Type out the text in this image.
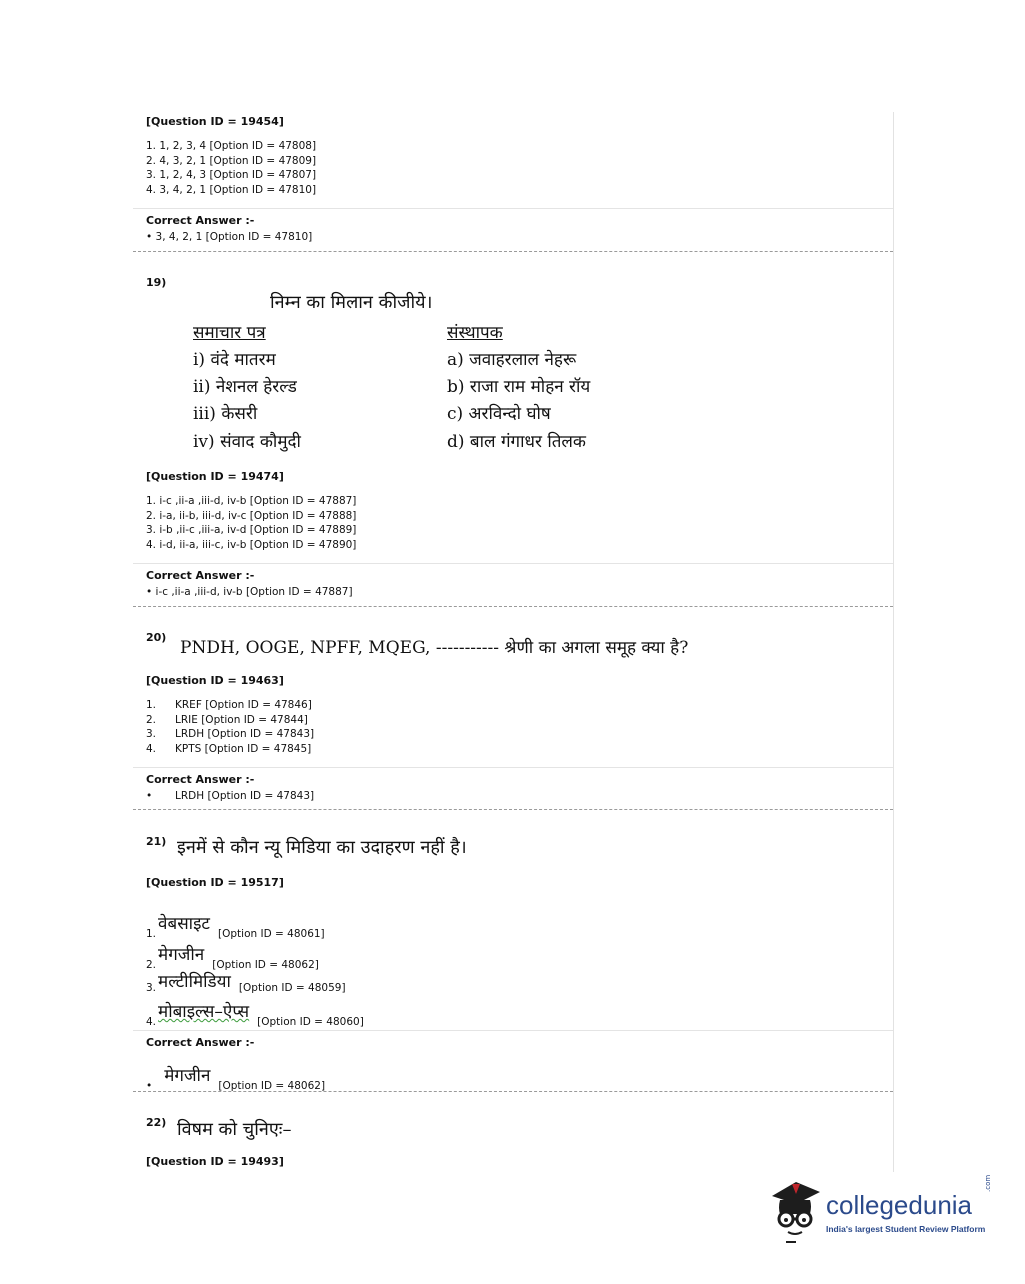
[Question ID = 19454]
1. 1, 2, 3, 4 [Option ID = 47808]
2. 4, 3, 2, 1 [Option ID = 47809]
3. 1, 2, 4, 3 [Option ID = 47807]
4. 3, 4, 2, 1 [Option ID = 47810]
Correct Answer :-
• 3, 4, 2, 1 [Option ID = 47810]
19)
निम्न का मिलान कीजीये।
समाचार पत्र	संस्थापक
i) वंदे मातरम
ii) नेशनल हेरल्ड
iii) केसरी
iv) संवाद कौमुदी
a) जवाहरलाल नेहरू
b) राजा राम मोहन रॉय
c) अरविन्दो घोष
d) बाल गंगाधर तिलक
[Question ID = 19474]
1. i-c ,ii-a ,iii-d, iv-b [Option ID = 47887]
2. i-a, ii-b, iii-d, iv-c [Option ID = 47888]
3. i-b ,ii-c ,iii-a, iv-d [Option ID = 47889]
4. i-d, ii-a, iii-c, iv-b [Option ID = 47890]
Correct Answer :-
• i-c ,ii-a ,iii-d, iv-b [Option ID = 47887]
20)
PNDH, OOGE, NPFF, MQEG, ----------- श्रेणी का अगला समूह क्या है?
[Question ID = 19463]
1. KREF [Option ID = 47846]
2. LRIE [Option ID = 47844]
3. LRDH [Option ID = 47843]
4. KPTS [Option ID = 47845]
Correct Answer :-
• LRDH [Option ID = 47843]
21) इनमें से कौन न्यू मिडिया का उदाहरण नहीं है।
[Question ID = 19517]
1. वेबसाइट [Option ID = 48061]
2. मेगजीन [Option ID = 48062]
3. मल्टीमिडिया [Option ID = 48059]
4. मोबाइल्स–ऐप्स [Option ID = 48060]
Correct Answer :-
• मेगजीन [Option ID = 48062]
22) विषम को चुनिएः–
[Question ID = 19493]
collegedunia
.com
India's largest Student Review Platform
